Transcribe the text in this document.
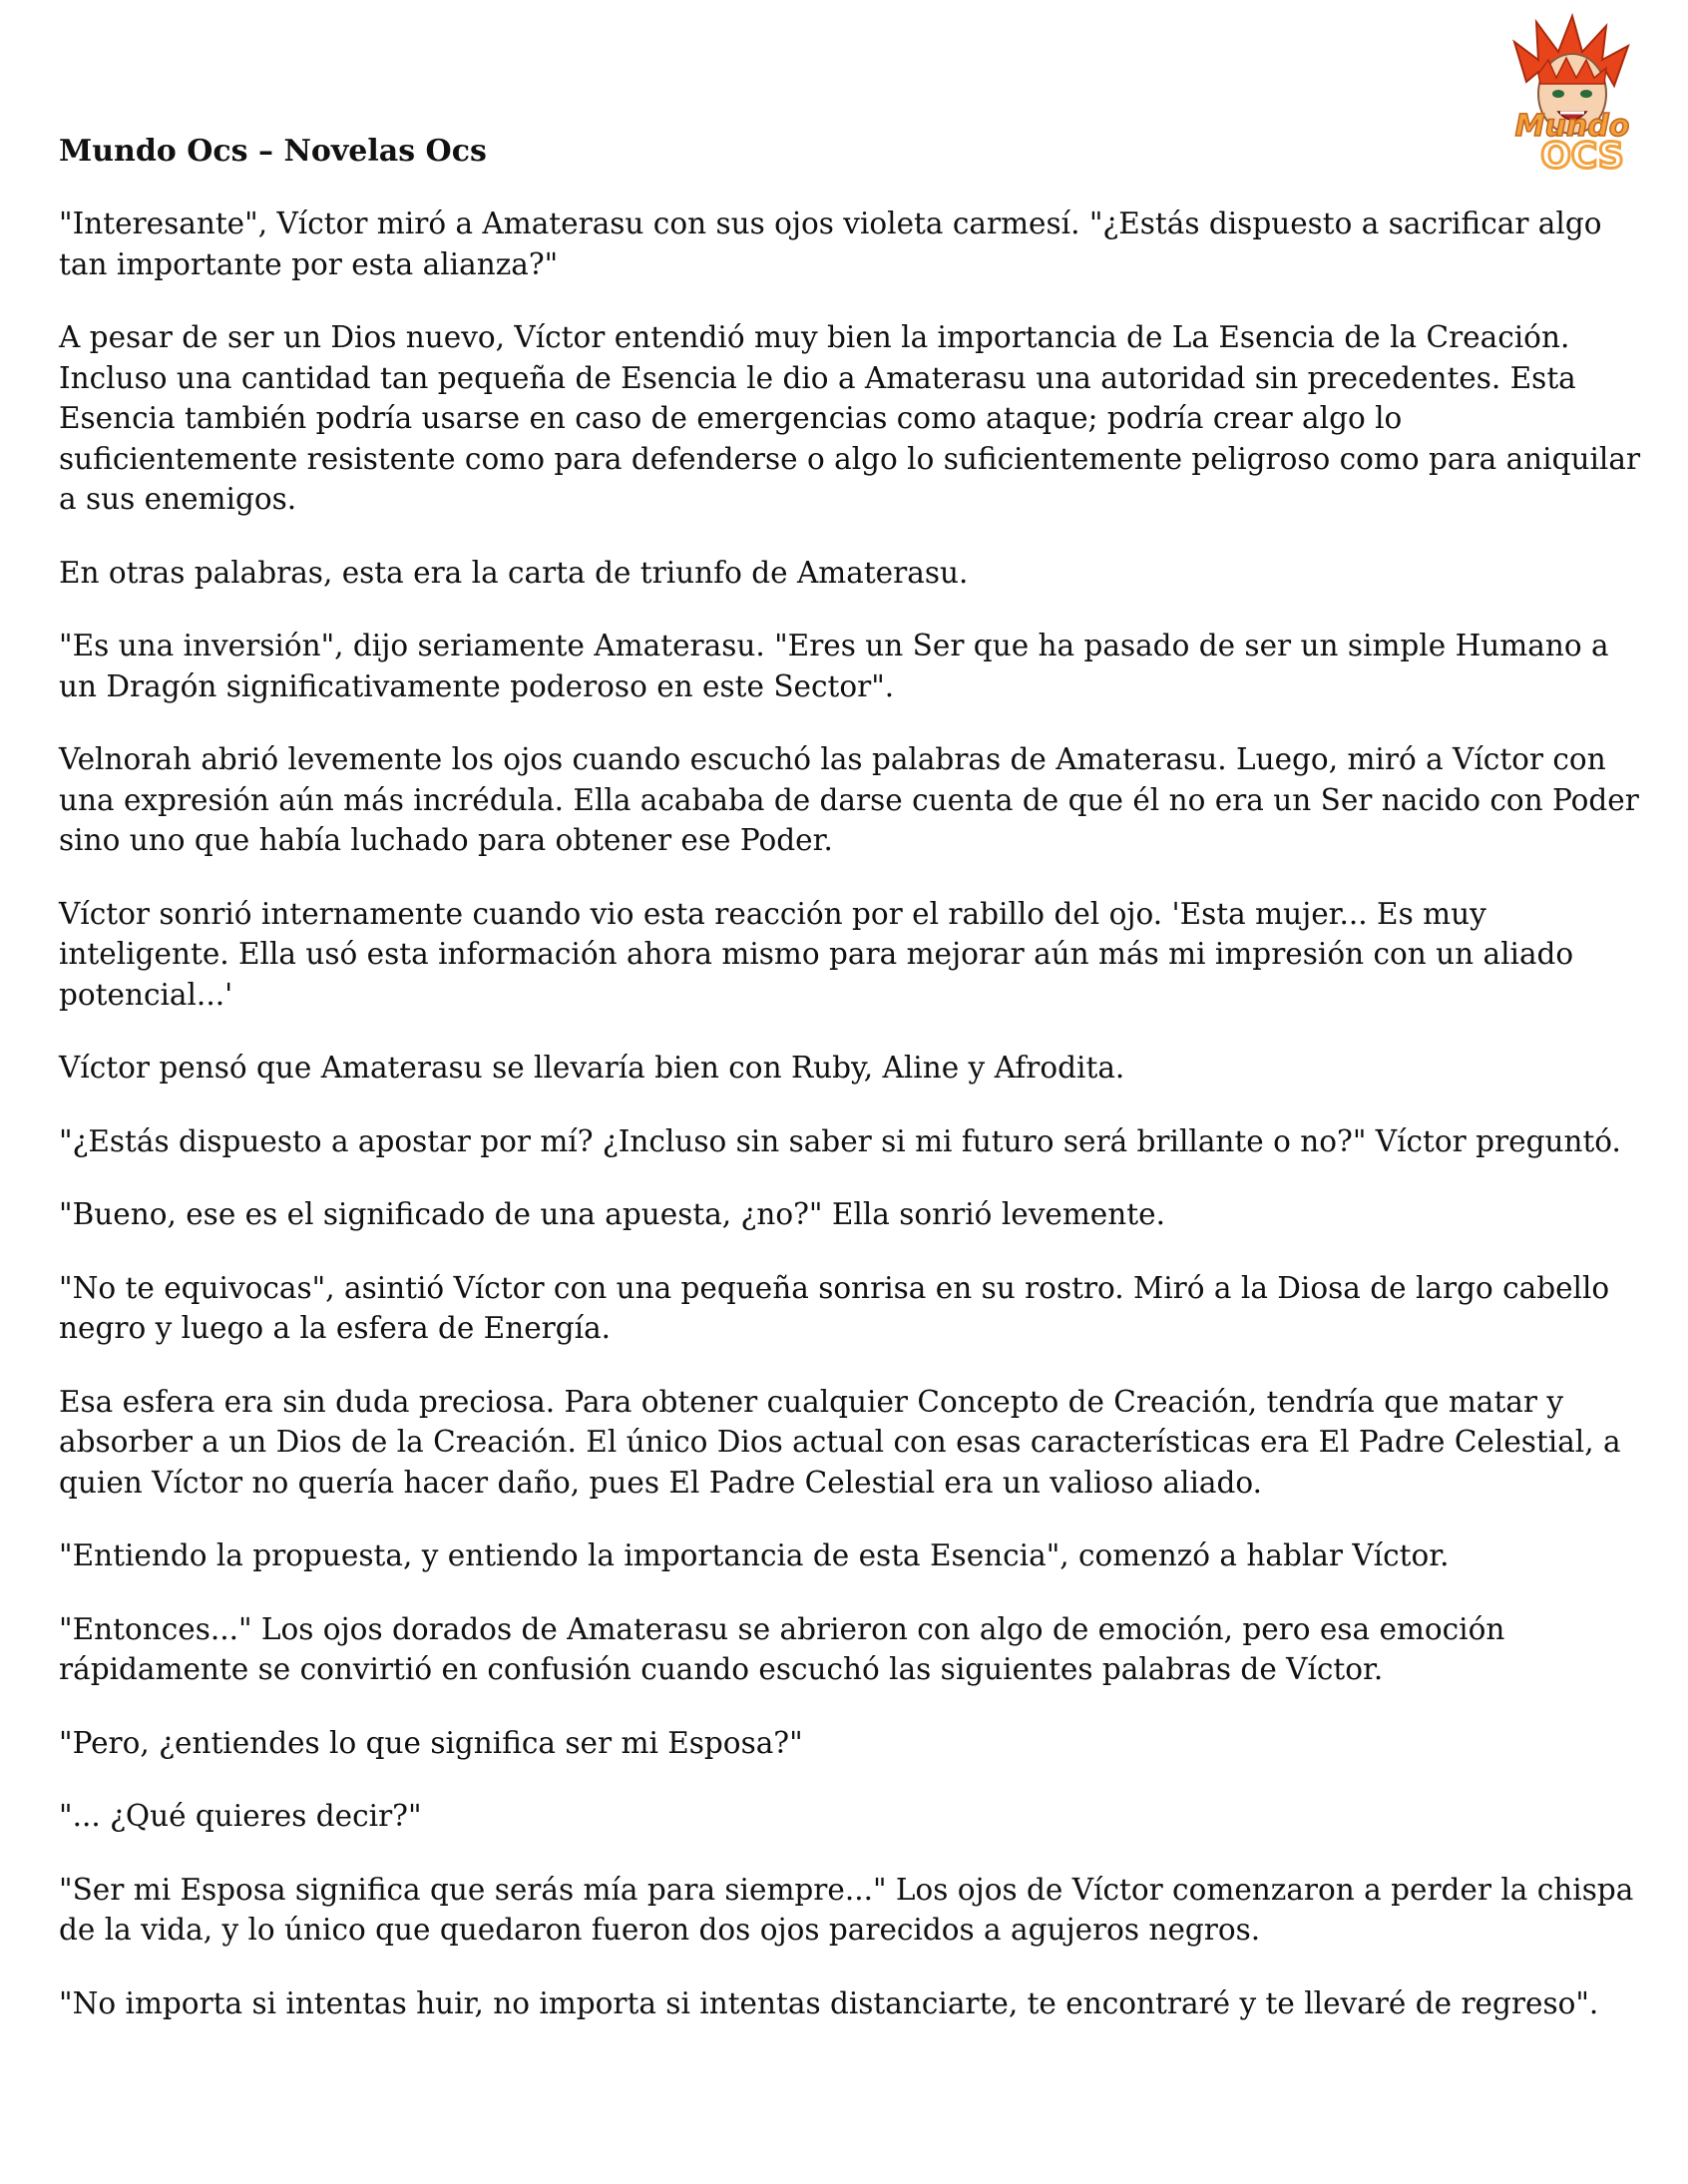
Mundo
OCS
Mundo Ocs – Novelas Ocs

"Interesante", Víctor miró a Amaterasu con sus ojos violeta carmesí. "¿Estás dispuesto a sacrificar algo tan importante por esta alianza?"

A pesar de ser un Dios nuevo, Víctor entendió muy bien la importancia de La Esencia de la Creación. Incluso una cantidad tan pequeña de Esencia le dio a Amaterasu una autoridad sin precedentes. Esta Esencia también podría usarse en caso de emergencias como ataque; podría crear algo lo suficientemente resistente como para defenderse o algo lo suficientemente peligroso como para aniquilar a sus enemigos.

En otras palabras, esta era la carta de triunfo de Amaterasu.

"Es una inversión", dijo seriamente Amaterasu. "Eres un Ser que ha pasado de ser un simple Humano a un Dragón significativamente poderoso en este Sector".

Velnorah abrió levemente los ojos cuando escuchó las palabras de Amaterasu. Luego, miró a Víctor con una expresión aún más incrédula. Ella acababa de darse cuenta de que él no era un Ser nacido con Poder sino uno que había luchado para obtener ese Poder.

Víctor sonrió internamente cuando vio esta reacción por el rabillo del ojo. 'Esta mujer... Es muy inteligente. Ella usó esta información ahora mismo para mejorar aún más mi impresión con un aliado potencial...'

Víctor pensó que Amaterasu se llevaría bien con Ruby, Aline y Afrodita.

"¿Estás dispuesto a apostar por mí? ¿Incluso sin saber si mi futuro será brillante o no?" Víctor preguntó.

"Bueno, ese es el significado de una apuesta, ¿no?" Ella sonrió levemente.

"No te equivocas", asintió Víctor con una pequeña sonrisa en su rostro. Miró a la Diosa de largo cabello negro y luego a la esfera de Energía.

Esa esfera era sin duda preciosa. Para obtener cualquier Concepto de Creación, tendría que matar y absorber a un Dios de la Creación. El único Dios actual con esas características era El Padre Celestial, a quien Víctor no quería hacer daño, pues El Padre Celestial era un valioso aliado.

"Entiendo la propuesta, y entiendo la importancia de esta Esencia", comenzó a hablar Víctor.

"Entonces..." Los ojos dorados de Amaterasu se abrieron con algo de emoción, pero esa emoción rápidamente se convirtió en confusión cuando escuchó las siguientes palabras de Víctor.

"Pero, ¿entiendes lo que significa ser mi Esposa?"

"... ¿Qué quieres decir?"

"Ser mi Esposa significa que serás mía para siempre..." Los ojos de Víctor comenzaron a perder la chispa de la vida, y lo único que quedaron fueron dos ojos parecidos a agujeros negros.

"No importa si intentas huir, no importa si intentas distanciarte, te encontraré y te llevaré de regreso".
